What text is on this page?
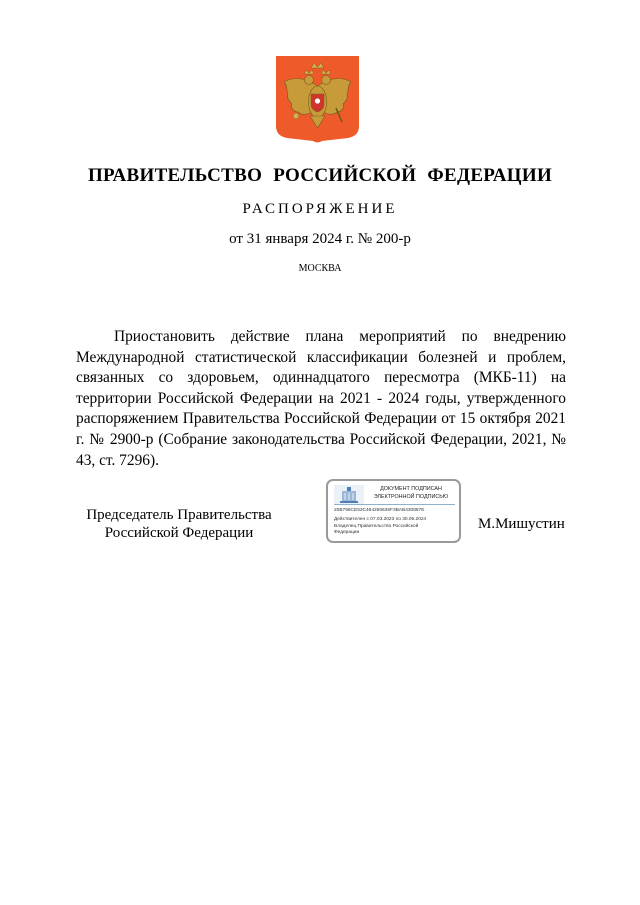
ПРАВИТЕЛЬСТВО РОССИЙСКОЙ ФЕДЕРАЦИИ
РАСПОРЯЖЕНИЕ
от 31 января 2024 г. № 200-р
МОСКВА

Приостановить действие плана мероприятий по внедрению Международной статистической классификации болезней и проблем, связанных со здоровьем, одиннадцатого пересмотра (МКБ-11) на территории Российской Федерации на 2021 - 2024 годы, утвержденного распоряжением Правительства Российской Федерации от 15 октября 2021 г. № 2900-р (Собрание законодательства Российской Федерации, 2021, № 43, ст. 7296).

Председатель Правительства
Российской Федерации
ДОКУМЕНТ ПОДПИСАН
ЭЛЕКТРОННОЙ ПОДПИСЬЮ
20B796CE53C464266636F3BAB430867E
Действителен с 07.03.2023 по 30.05.2024
Владелец Правительство Российской
Федерации
М.Мишустин
